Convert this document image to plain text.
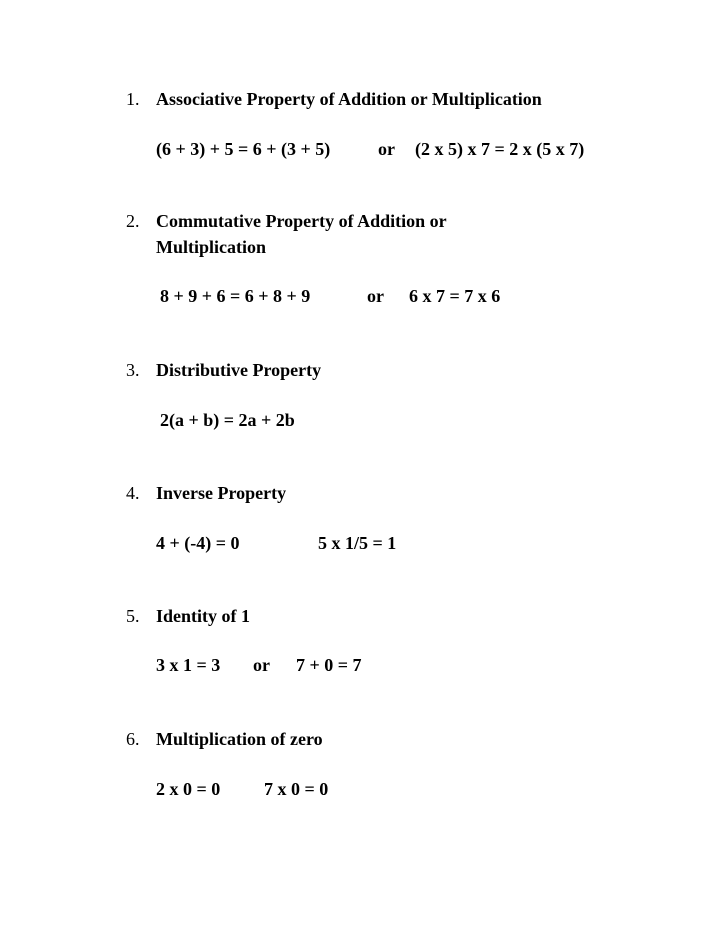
1. Associative Property of Addition or Multiplication
(6 + 3) + 5 = 6 + (3 + 5)	or (2 x 5) x 7 = 2 x (5 x 7)
2. Commutative Property of Addition or
Multiplication
8 + 9 + 6 = 6 + 8 + 9	or 6 x 7 = 7 x 6
3. Distributive Property
2(a + b) = 2a + 2b
4. Inverse Property
4 + (-4) = 0	5 x 1/5 = 1
5. Identity of 1
3 x 1 = 3 or 7 + 0 = 7
6. Multiplication of zero
2 x 0 = 0 7 x 0 = 0
